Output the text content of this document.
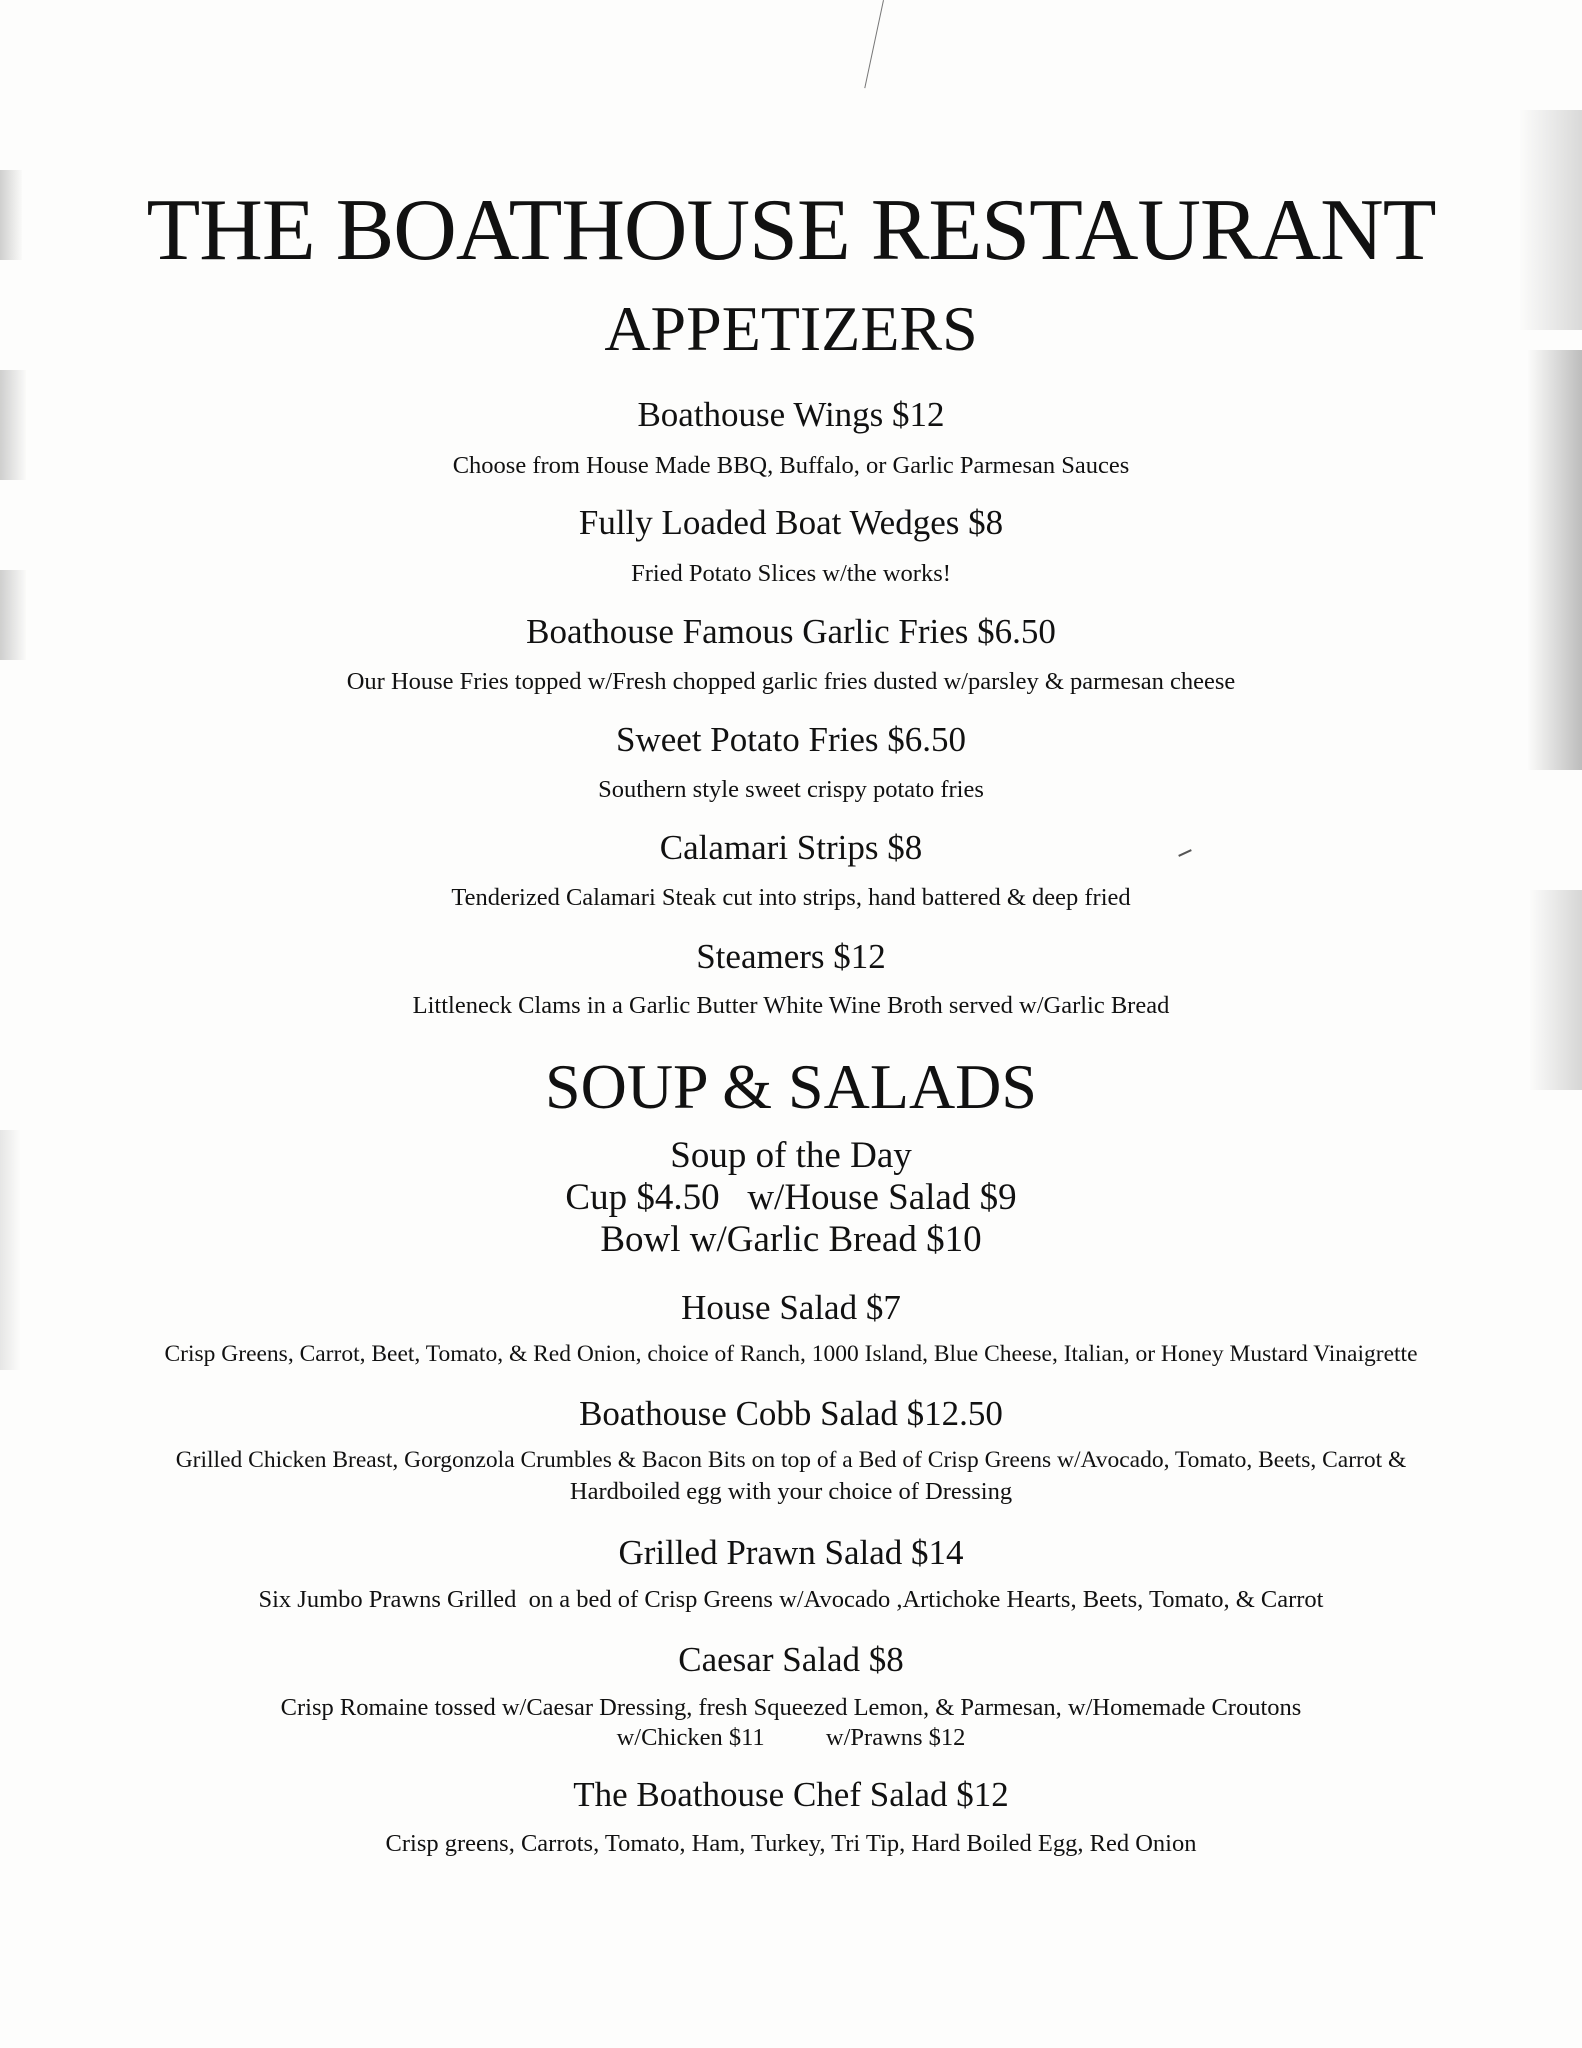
THE BOATHOUSE RESTAURANT
APPETIZERS
Boathouse Wings $12
Choose from House Made BBQ, Buffalo, or Garlic Parmesan Sauces
Fully Loaded Boat Wedges $8
Fried Potato Slices w/the works!
Boathouse Famous Garlic Fries $6.50
Our House Fries topped w/Fresh chopped garlic fries dusted w/parsley & parmesan cheese
Sweet Potato Fries $6.50
Southern style sweet crispy potato fries
Calamari Strips $8
Tenderized Calamari Steak cut into strips, hand battered & deep fried
Steamers $12
Littleneck Clams in a Garlic Butter White Wine Broth served w/Garlic Bread
SOUP & SALADS
Soup of the Day
Cup $4.50   w/House Salad $9
Bowl w/Garlic Bread $10
House Salad $7
Crisp Greens, Carrot, Beet, Tomato, & Red Onion, choice of Ranch, 1000 Island, Blue Cheese, Italian, or Honey Mustard Vinaigrette
Boathouse Cobb Salad $12.50
Grilled Chicken Breast, Gorgonzola Crumbles & Bacon Bits on top of a Bed of Crisp Greens w/Avocado, Tomato, Beets, Carrot &
Hardboiled egg with your choice of Dressing
Grilled Prawn Salad $14
Six Jumbo Prawns Grilled  on a bed of Crisp Greens w/Avocado ,Artichoke Hearts, Beets, Tomato, & Carrot
Caesar Salad $8
Crisp Romaine tossed w/Caesar Dressing, fresh Squeezed Lemon, & Parmesan, w/Homemade Croutons
w/Chicken $11          w/Prawns $12
The Boathouse Chef Salad $12
Crisp greens, Carrots, Tomato, Ham, Turkey, Tri Tip, Hard Boiled Egg, Red Onion
